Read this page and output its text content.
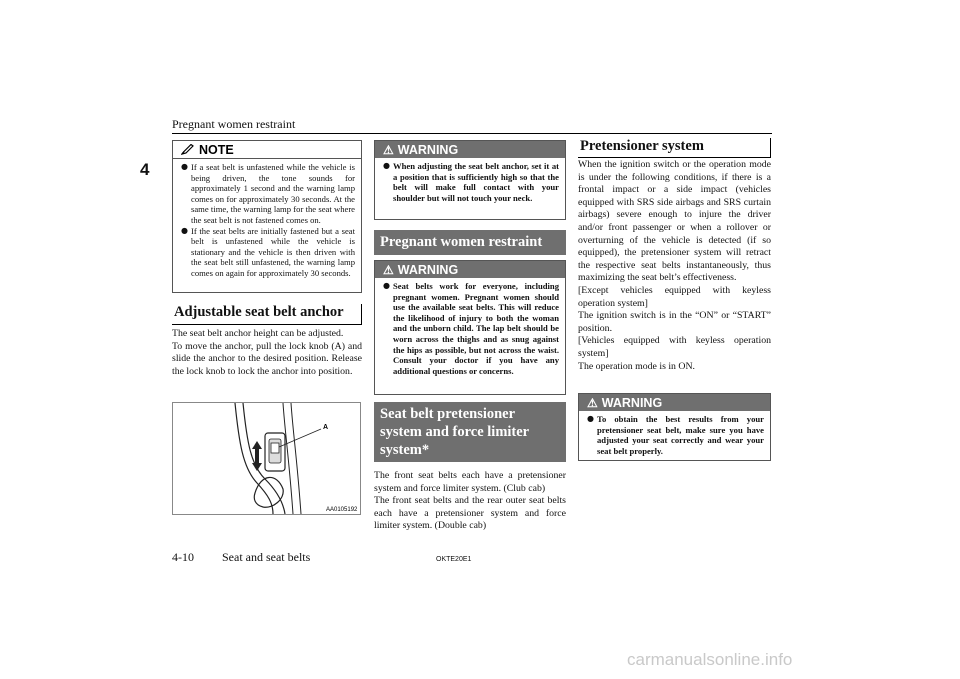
Pregnant women restraint
4
NOTE
● If a seat belt is unfastened while the vehicle is being driven, the tone sounds for approximately 1 second and the warning lamp comes on for approximately 30 seconds. At the same time, the warning lamp for the seat where the seat belt is not fastened comes on.
● If the seat belts are initially fastened but a seat belt is unfastened while the vehicle is stationary and the vehicle is then driven with the seat belt still unfastened, the warning lamp comes on again for approximately 30 seconds.
Adjustable seat belt anchor

The seat belt anchor height can be adjusted.

To move the anchor, pull the lock knob (A) and slide the anchor to the desired position. Release the lock knob to lock the anchor into position.

A
AA0105192
⚠ WARNING
● When adjusting the seat belt anchor, set it at a position that is sufficiently high so that the belt will make full contact with your shoulder but will not touch your neck.
Pregnant women restraint
⚠ WARNING
● Seat belts work for everyone, including pregnant women. Pregnant women should use the available seat belts. This will reduce the likelihood of injury to both the woman and the unborn child. The lap belt should be worn across the thighs and as snug against the hips as possible, but not across the waist. Consult your doctor if you have any additional questions or concerns.
Seat belt pretensioner
system and force limiter
system*

The front seat belts each have a pretensioner system and force limiter system. (Club cab)

The front seat belts and the rear outer seat belts each have a pretensioner system and force limiter system. (Double cab)

Pretensioner system

When the ignition switch or the operation mode is under the following conditions, if there is a frontal impact or a side impact (vehicles equipped with SRS side airbags and SRS curtain airbags) severe enough to injure the driver and/or front passenger or when a rollover or overturning of the vehicle is detected (if so equipped), the pretensioner system will retract the respective seat belts instantaneously, thus maximizing the seat belt’s effectiveness.

[Except vehicles equipped with keyless operation system]

The ignition switch is in the “ON” or “START” position.

[Vehicles equipped with keyless operation system]

The operation mode is in ON.

⚠ WARNING
● To obtain the best results from your pretensioner seat belt, make sure you have adjusted your seat correctly and wear your seat belt properly.
4-10 Seat and seat belts	OKTE20E1
carmanualsonline.info
